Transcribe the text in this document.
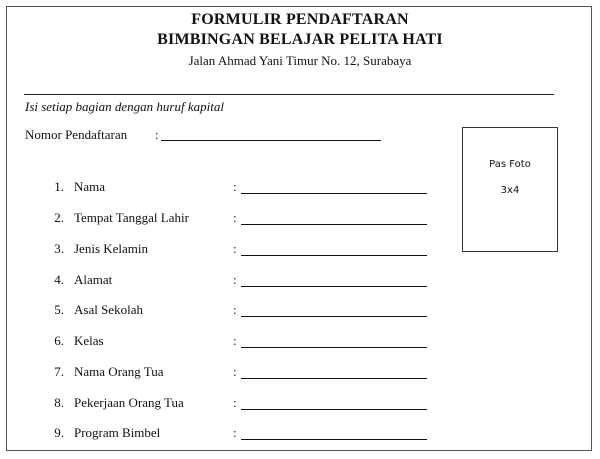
FORMULIR PENDAFTARAN
BIMBINGAN BELAJAR PELITA HATI
Jalan Ahmad Yani Timur No. 12, Surabaya
Isi setiap bagian dengan huruf kapital
Nomor Pendaftaran :
Pas Foto
3x4
1. Nama	:
2. Tempat Tanggal Lahir	:
3. Jenis Kelamin	:
4. Alamat	:
5. Asal Sekolah	:
6. Kelas	:
7. Nama Orang Tua	:
8. Pekerjaan Orang Tua	:
9. Program Bimbel	:
